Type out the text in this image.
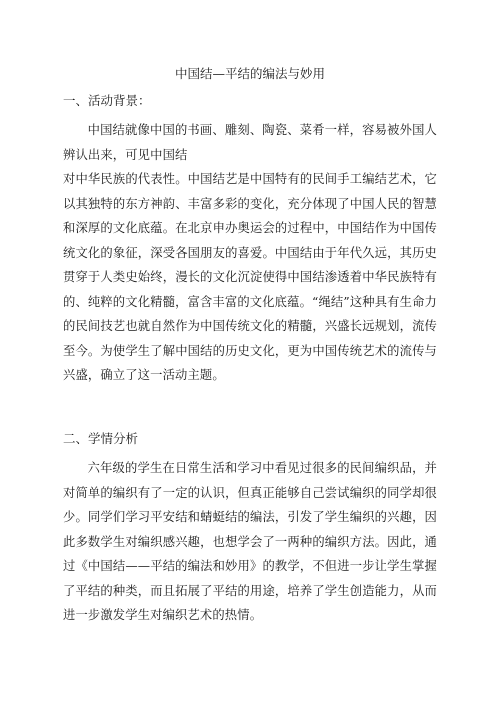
中国结—平结的编法与妙用
一、活动背景：

中国结就像中国的书画、雕刻、陶瓷、菜肴一样，容易被外国人辨认出来，可见中国结

对中华民族的代表性。中国结艺是中国特有的民间手工编结艺术，它以其独特的东方神韵、丰富多彩的变化，充分体现了中国人民的智慧和深厚的文化底蕴。在北京申办奥运会的过程中，中国结作为中国传统文化的象征，深受各国朋友的喜爱。中国结由于年代久远，其历史贯穿于人类史始终，漫长的文化沉淀使得中国结渗透着中华民族特有的、纯粹的文化精髓，富含丰富的文化底蕴。“绳结”这种具有生命力的民间技艺也就自然作为中国传统文化的精髓，兴盛长远规划，流传至今。为使学生了解中国结的历史文化，更为中国传统艺术的流传与兴盛，确立了这一活动主题。

二、学情分析

六年级的学生在日常生活和学习中看见过很多的民间编织品，并对简单的编织有了一定的认识，但真正能够自己尝试编织的同学却很少。同学们学习平安结和蜻蜓结的编法，引发了学生编织的兴趣，因此多数学生对编织感兴趣，也想学会了一两种的编织方法。因此，通过《中国结——平结的编法和妙用》的教学，不但进一步让学生掌握了平结的种类，而且拓展了平结的用途，培养了学生创造能力，从而进一步激发学生对编织艺术的热情。
